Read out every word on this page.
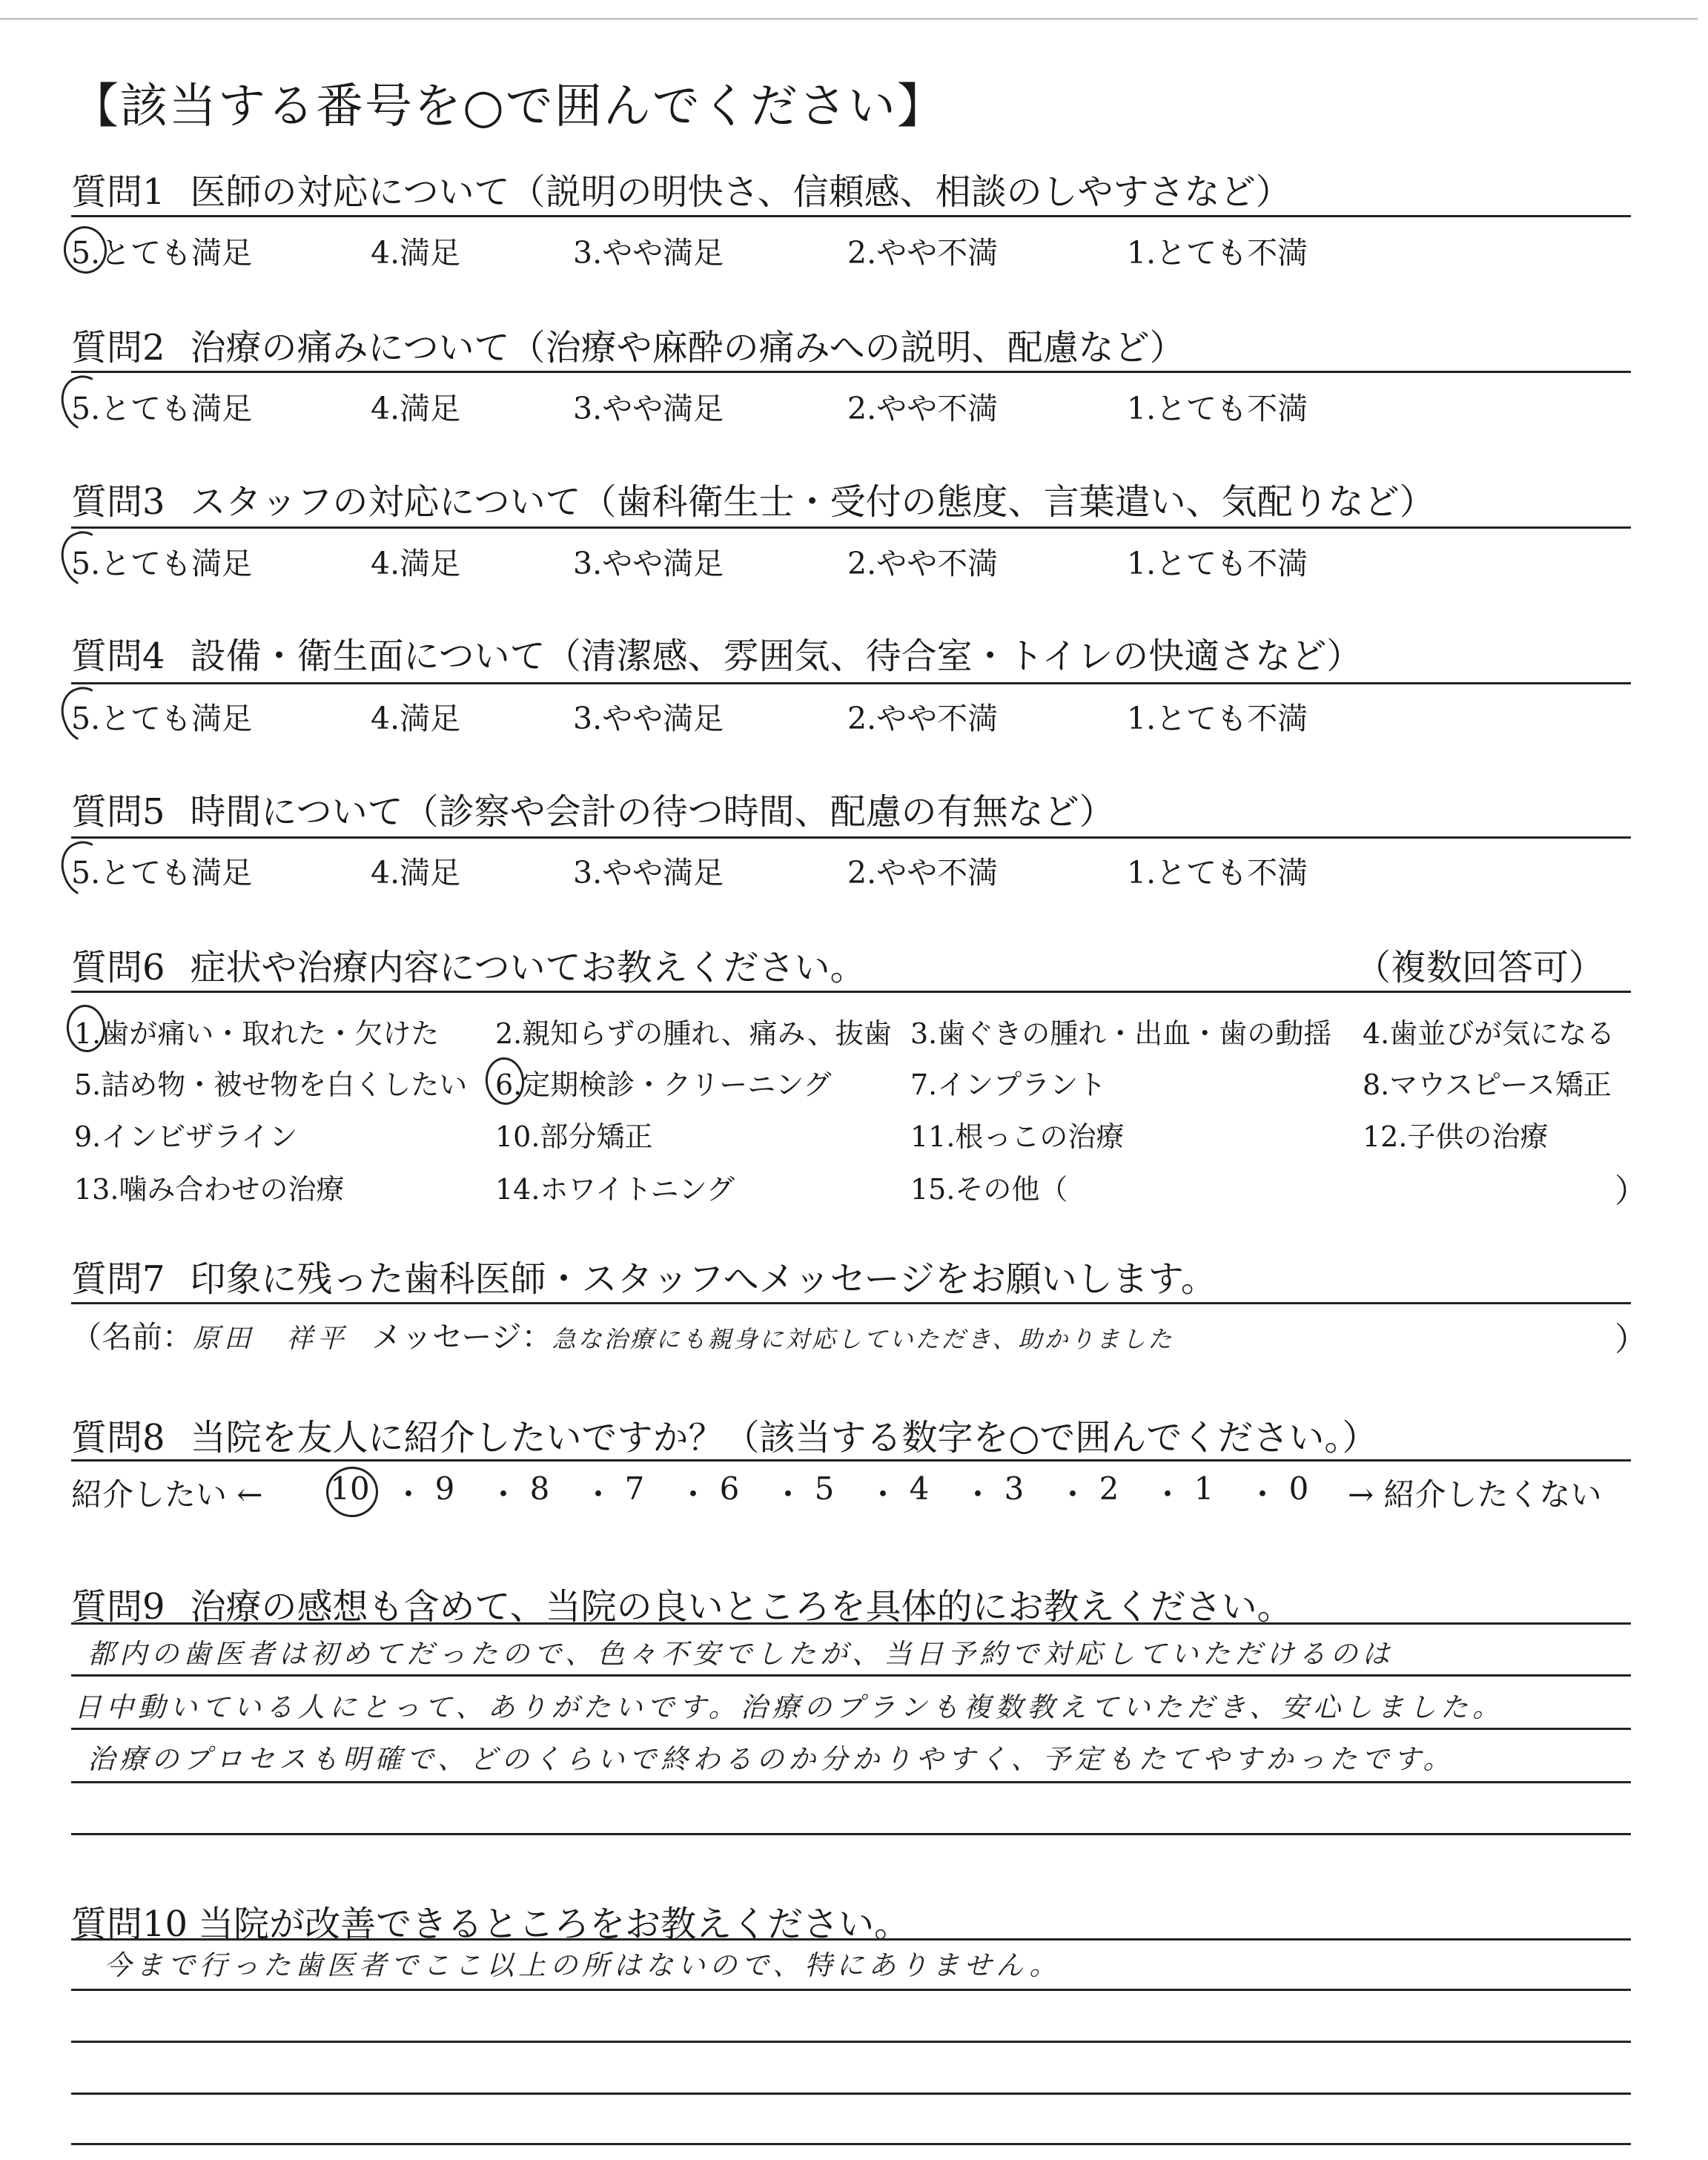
【該当する番号を○で囲んでください】
質問1 医師の対応について（説明の明快さ、信頼感、相談のしやすさなど）
5.とても満足	4.満足	3.やや満足	2.やや不満	1.とても不満
質問2 治療の痛みについて（治療や麻酔の痛みへの説明、配慮など）
5.とても満足	4.満足	3.やや満足	2.やや不満	1.とても不満
質問3 スタッフの対応について（歯科衛生士・受付の態度、言葉遣い、気配りなど）
5.とても満足	4.満足	3.やや満足	2.やや不満	1.とても不満
質問4 設備・衛生面について（清潔感、雰囲気、待合室・トイレの快適さなど）
5.とても満足	4.満足	3.やや満足	2.やや不満	1.とても不満
質問5 時間について（診察や会計の待つ時間、配慮の有無など）
5.とても満足	4.満足	3.やや満足	2.やや不満	1.とても不満
質問6 症状や治療内容についてお教えください。	（複数回答可）
1.歯が痛い・取れた・欠けた 2.親知らずの腫れ、痛み、抜歯 3.歯ぐきの腫れ・出血・歯の動揺 4.歯並びが気になる
5.詰め物・被せ物を白くしたい 6.定期検診・クリーニング	7.インプラント	8.マウスピース矯正
9.インビザライン	10.部分矯正	11.根っこの治療	12.子供の治療
13.噛み合わせの治療	14.ホワイトニング	15.その他（	）
質問7 印象に残った歯科医師・スタッフへメッセージをお願いします。
（名前：原田　祥平 メッセージ：急な治療にも親身に対応していただき、助かりました	）
質問8 当院を友人に紹介したいですか？（該当する数字を○で囲んでください。）
紹介したい ←	10 ・ 9 ・ 8 ・ 7 ・ 6 ・ 5 ・ 4 ・ 3 ・ 2 ・ 1 ・ 0	→ 紹介したくない
質問9 治療の感想も含めて、当院の良いところを具体的にお教えください。
都内の歯医者は初めてだったので、色々不安でしたが、当日予約で対応していただけるのは
日中動いている人にとって、ありがたいです。治療のプランも複数教えていただき、安心しました。
治療のプロセスも明確で、どのくらいで終わるのか分かりやすく、予定もたてやすかったです。
質問10 当院が改善できるところをお教えください。
今まで行った歯医者でここ以上の所はないので、特にありません。
